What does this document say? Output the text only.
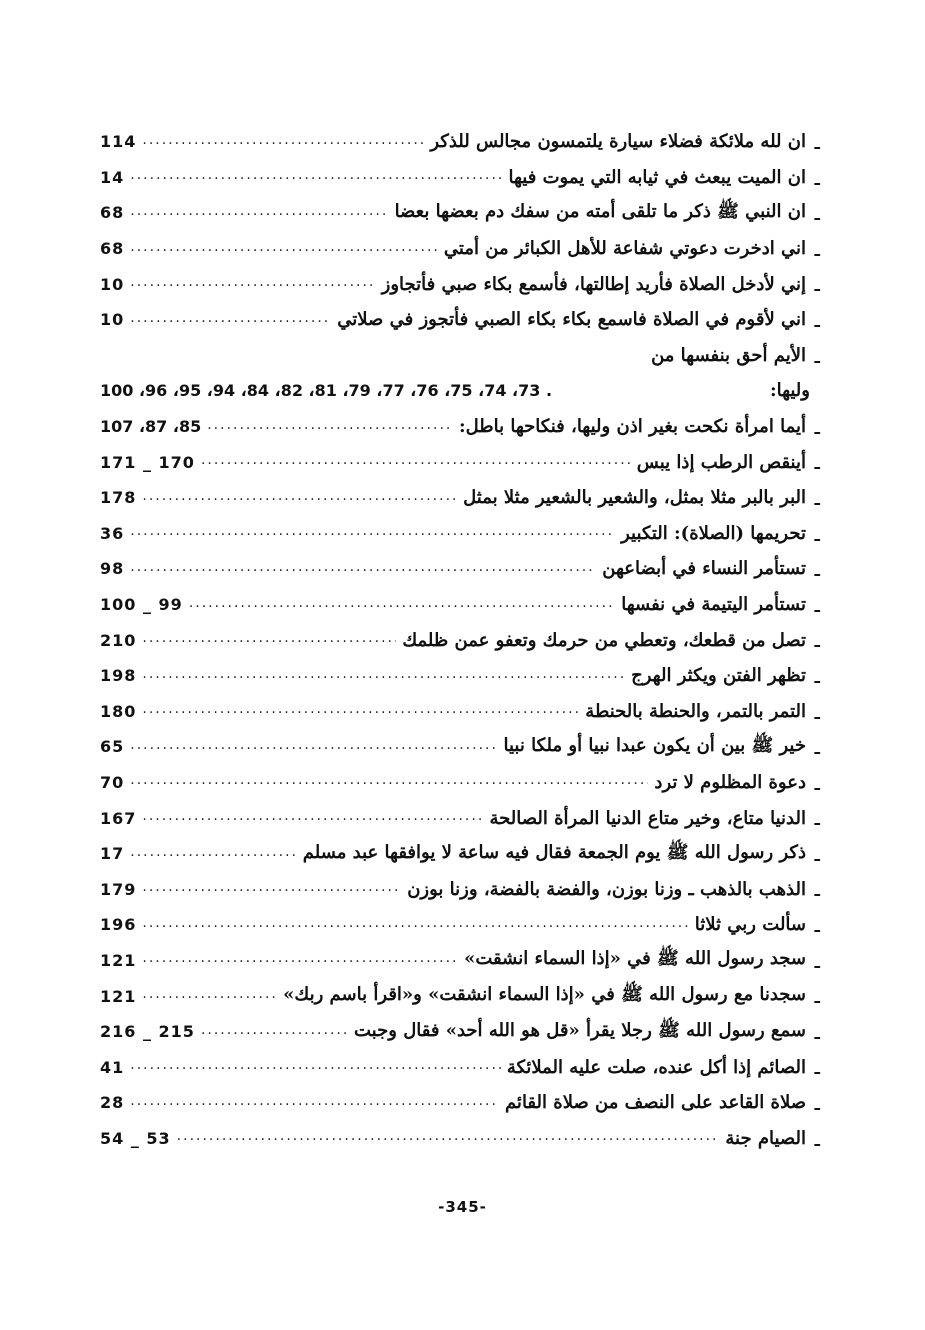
114 .....	ان لله ملائكة فضلاء سيارة يلتمسون مجالس للذكر ـ
14 .....	ان الميت يبعث في ثيابه التي يموت فيها ـ
68 .....	ان النبي ﷺ ذكر ما تلقى أمته من سفك دم بعضها بعضا ـ
68 .....	اني ادخرت دعوتي شفاعة للأهل الكبائر من أمتي ـ
10 .....	إني لأدخل الصلاة فأريد إطالتها، فأسمع بكاء صبي فأتجاوز ـ
10 .....	اني لأقوم في الصلاة فاسمع بكاء بكاء الصبي فأتجوز في صلاتي ـ
الأيم أحق بنفسها من ـ
100 ،96 ،95 ،94 ،84 ،82 ،81 ،79 ،77 ،76 ،75 ،74 ،73 .	وليها:
107 ،87 ،85 .....	أيما امرأة نكحت بغير اذن وليها، فنكاحها باطل: ـ
171 _ 170 .....	أينقص الرطب إذا يبس ـ
178 .....	البر بالبر مثلا بمثل، والشعير بالشعير مثلا بمثل ـ
36 .....	تحريمها (الصلاة): التكبير ـ
98 .....	تستأمر النساء في أبضاعهن ـ
100 _ 99 .....	تستأمر اليتيمة في نفسها ـ
210 .....	تصل من قطعك، وتعطي من حرمك وتعفو عمن ظلمك ـ
198 .....	تظهر الفتن ويكثر الهرج ـ
180 .....	التمر بالتمر، والحنطة بالحنطة ـ
65 .....	خير ﷺ بين أن يكون عبدا نبيا أو ملكا نبيا ـ
70 .....	دعوة المظلوم لا ترد ـ
167 .....	الدنيا متاع، وخير متاع الدنيا المرأة الصالحة ـ
17 .....	ذكر رسول الله ﷺ يوم الجمعة فقال فيه ساعة لا يوافقها عبد مسلم ـ
179 .....	الذهب بالذهب ـ وزنا بوزن، والفضة بالفضة، وزنا بوزن ـ
196 .....	سألت ربي ثلاثا ـ
121 .....	سجد رسول الله ﷺ في «إذا السماء انشقت» ـ
121 .....	سجدنا مع رسول الله ﷺ في «إذا السماء انشقت» و«اقرأ باسم ربك» ـ
216 _ 215 .....	سمع رسول الله ﷺ رجلا يقرأ «قل هو الله أحد» فقال وجبت ـ
41 .....	الصائم إذا أكل عنده، صلت عليه الملائكة ـ
28 .....	صلاة القاعد على النصف من صلاة القائم ـ
54 _ 53 .....	الصيام جنة ـ
-345-
